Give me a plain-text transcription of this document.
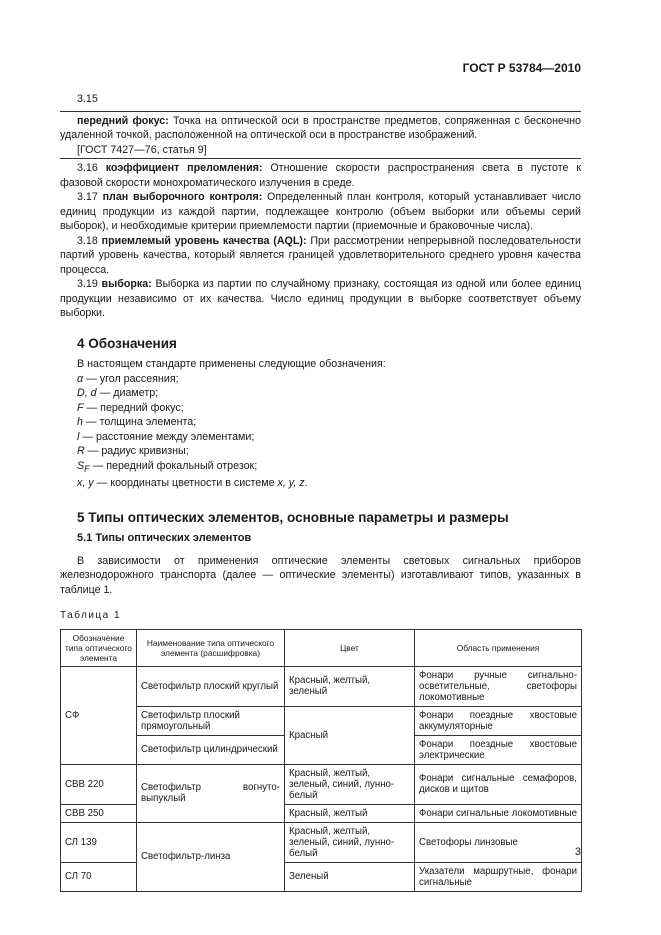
ГОСТ Р 53784—2010

3.15

передний фокус: Точка на оптической оси в пространстве предметов, сопряженная с бесконечно удаленной точкой, расположенной на оптической оси в пространстве изображений.

[ГОСТ 7427—76, статья 9]

3.16 коэффициент преломления: Отношение скорости распространения света в пустоте к фазовой скорости монохроматического излучения в среде.

3.17 план выборочного контроля: Определенный план контроля, который устанавливает число единиц продукции из каждой партии, подлежащее контролю (объем выборки или объемы серий выборок), и необходимые критерии приемлемости партии (приемочные и браковочные числа).

3.18 приемлемый уровень качества (AQL): При рассмотрении непрерывной последовательности партий уровень качества, который является границей удовлетворительного среднего уровня качества процесса.

3.19 выборка: Выборка из партии по случайному признаку, состоящая из одной или более единиц продукции независимо от их качества. Число единиц продукции в выборке соответствует объему выборки.

4 Обозначения

В настоящем стандарте применены следующие обозначения:

α — угол рассеяния;
D, d — диаметр;
F — передний фокус;
h — толщина элемента;
l — расстояние между элементами;
R — радиус кривизны;
$S_F$ — передний фокальный отрезок;
x, y — координаты цветности в системе x, y, z.
5 Типы оптических элементов, основные параметры и размеры
5.1 Типы оптических элементов

В зависимости от применения оптические элементы световых сигнальных приборов железнодорожного транспорта (далее — оптические элементы) изготавливают типов, указанных в таблице 1.

Таблица 1
Обозначение типа оптического элемента	Наименование типа оптического элемента (расшифровка)	Цвет	Область применения
СФ	Светофильтр плоский круглый	Красный, желтый, зеленый	Фонари ручные сигнально-осветительные, светофоры локомотивные
	Светофильтр плоский прямоугольный	Красный	Фонари поездные хвостовые аккумуляторные
	Светофильтр цилиндрический		Фонари поездные хвостовые электрические
СВВ 220	Светофильтр вогнуто-выпуклый	Красный, желтый, зеленый, синий, лунно-белый	Фонари сигнальные семафоров, дисков и щитов
СВВ 250		Красный, желтый	Фонари сигнальные локомотивные
СЛ 139	Светофильтр-линза	Красный, желтый, зеленый, синий, лунно-белый	Светофоры линзовые
СЛ 70		Зеленый	Указатели маршрутные, фонари сигнальные
3
